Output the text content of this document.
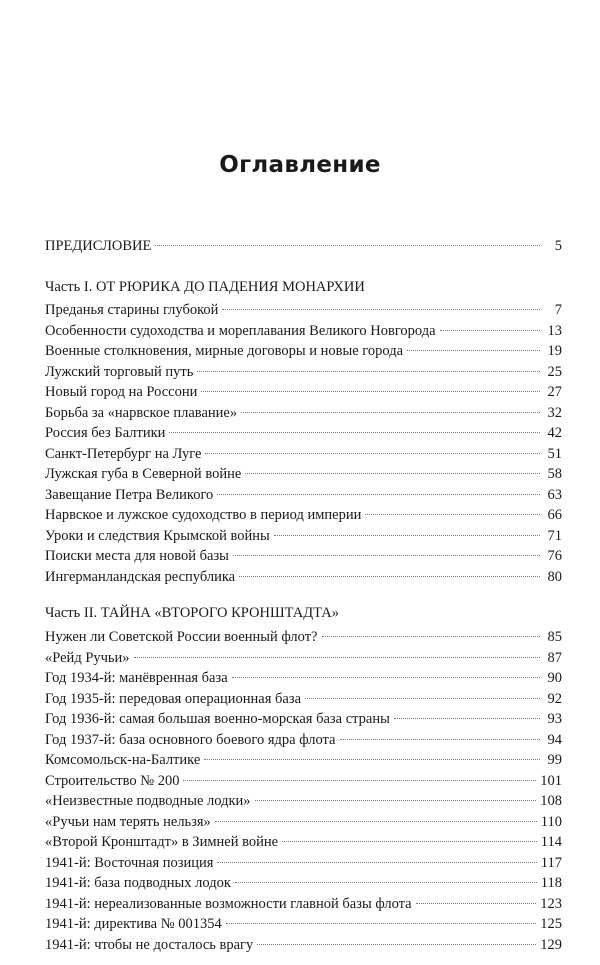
Оглавление
ПРЕДИСЛОВИЕ	5
Часть I. ОТ РЮРИКА ДО ПАДЕНИЯ МОНАРХИИ
Преданья старины глубокой	7
Особенности судоходства и мореплавания Великого Новгорода	13
Военные столкновения, мирные договоры и новые города	19
Лужский торговый путь	25
Новый город на Россони	27
Борьба за «нарвское плавание»	32
Россия без Балтики	42
Санкт-Петербург на Луге	51
Лужская губа в Северной войне	58
Завещание Петра Великого	63
Нарвское и лужское судоходство в период империи	66
Уроки и следствия Крымской войны	71
Поиски места для новой базы	76
Ингерманландская республика	80
Часть II. ТАЙНА «ВТОРОГО КРОНШТАДТА»
Нужен ли Советской России военный флот?	85
«Рейд Ручьи»	87
Год 1934-й: манёвренная база	90
Год 1935-й: передовая операционная база	92
Год 1936-й: самая большая военно-морская база страны	93
Год 1937-й: база основного боевого ядра флота	94
Комсомольск-на-Балтике	99
Строительство № 200	101
«Неизвестные подводные лодки»	108
«Ручьи нам терять нельзя»	110
«Второй Кронштадт» в Зимней войне	114
1941-й: Восточная позиция	117
1941-й: база подводных лодок	118
1941-й: нереализованные возможности главной базы флота	123
1941-й: директива № 001354	125
1941-й: чтобы не досталось врагу	129
